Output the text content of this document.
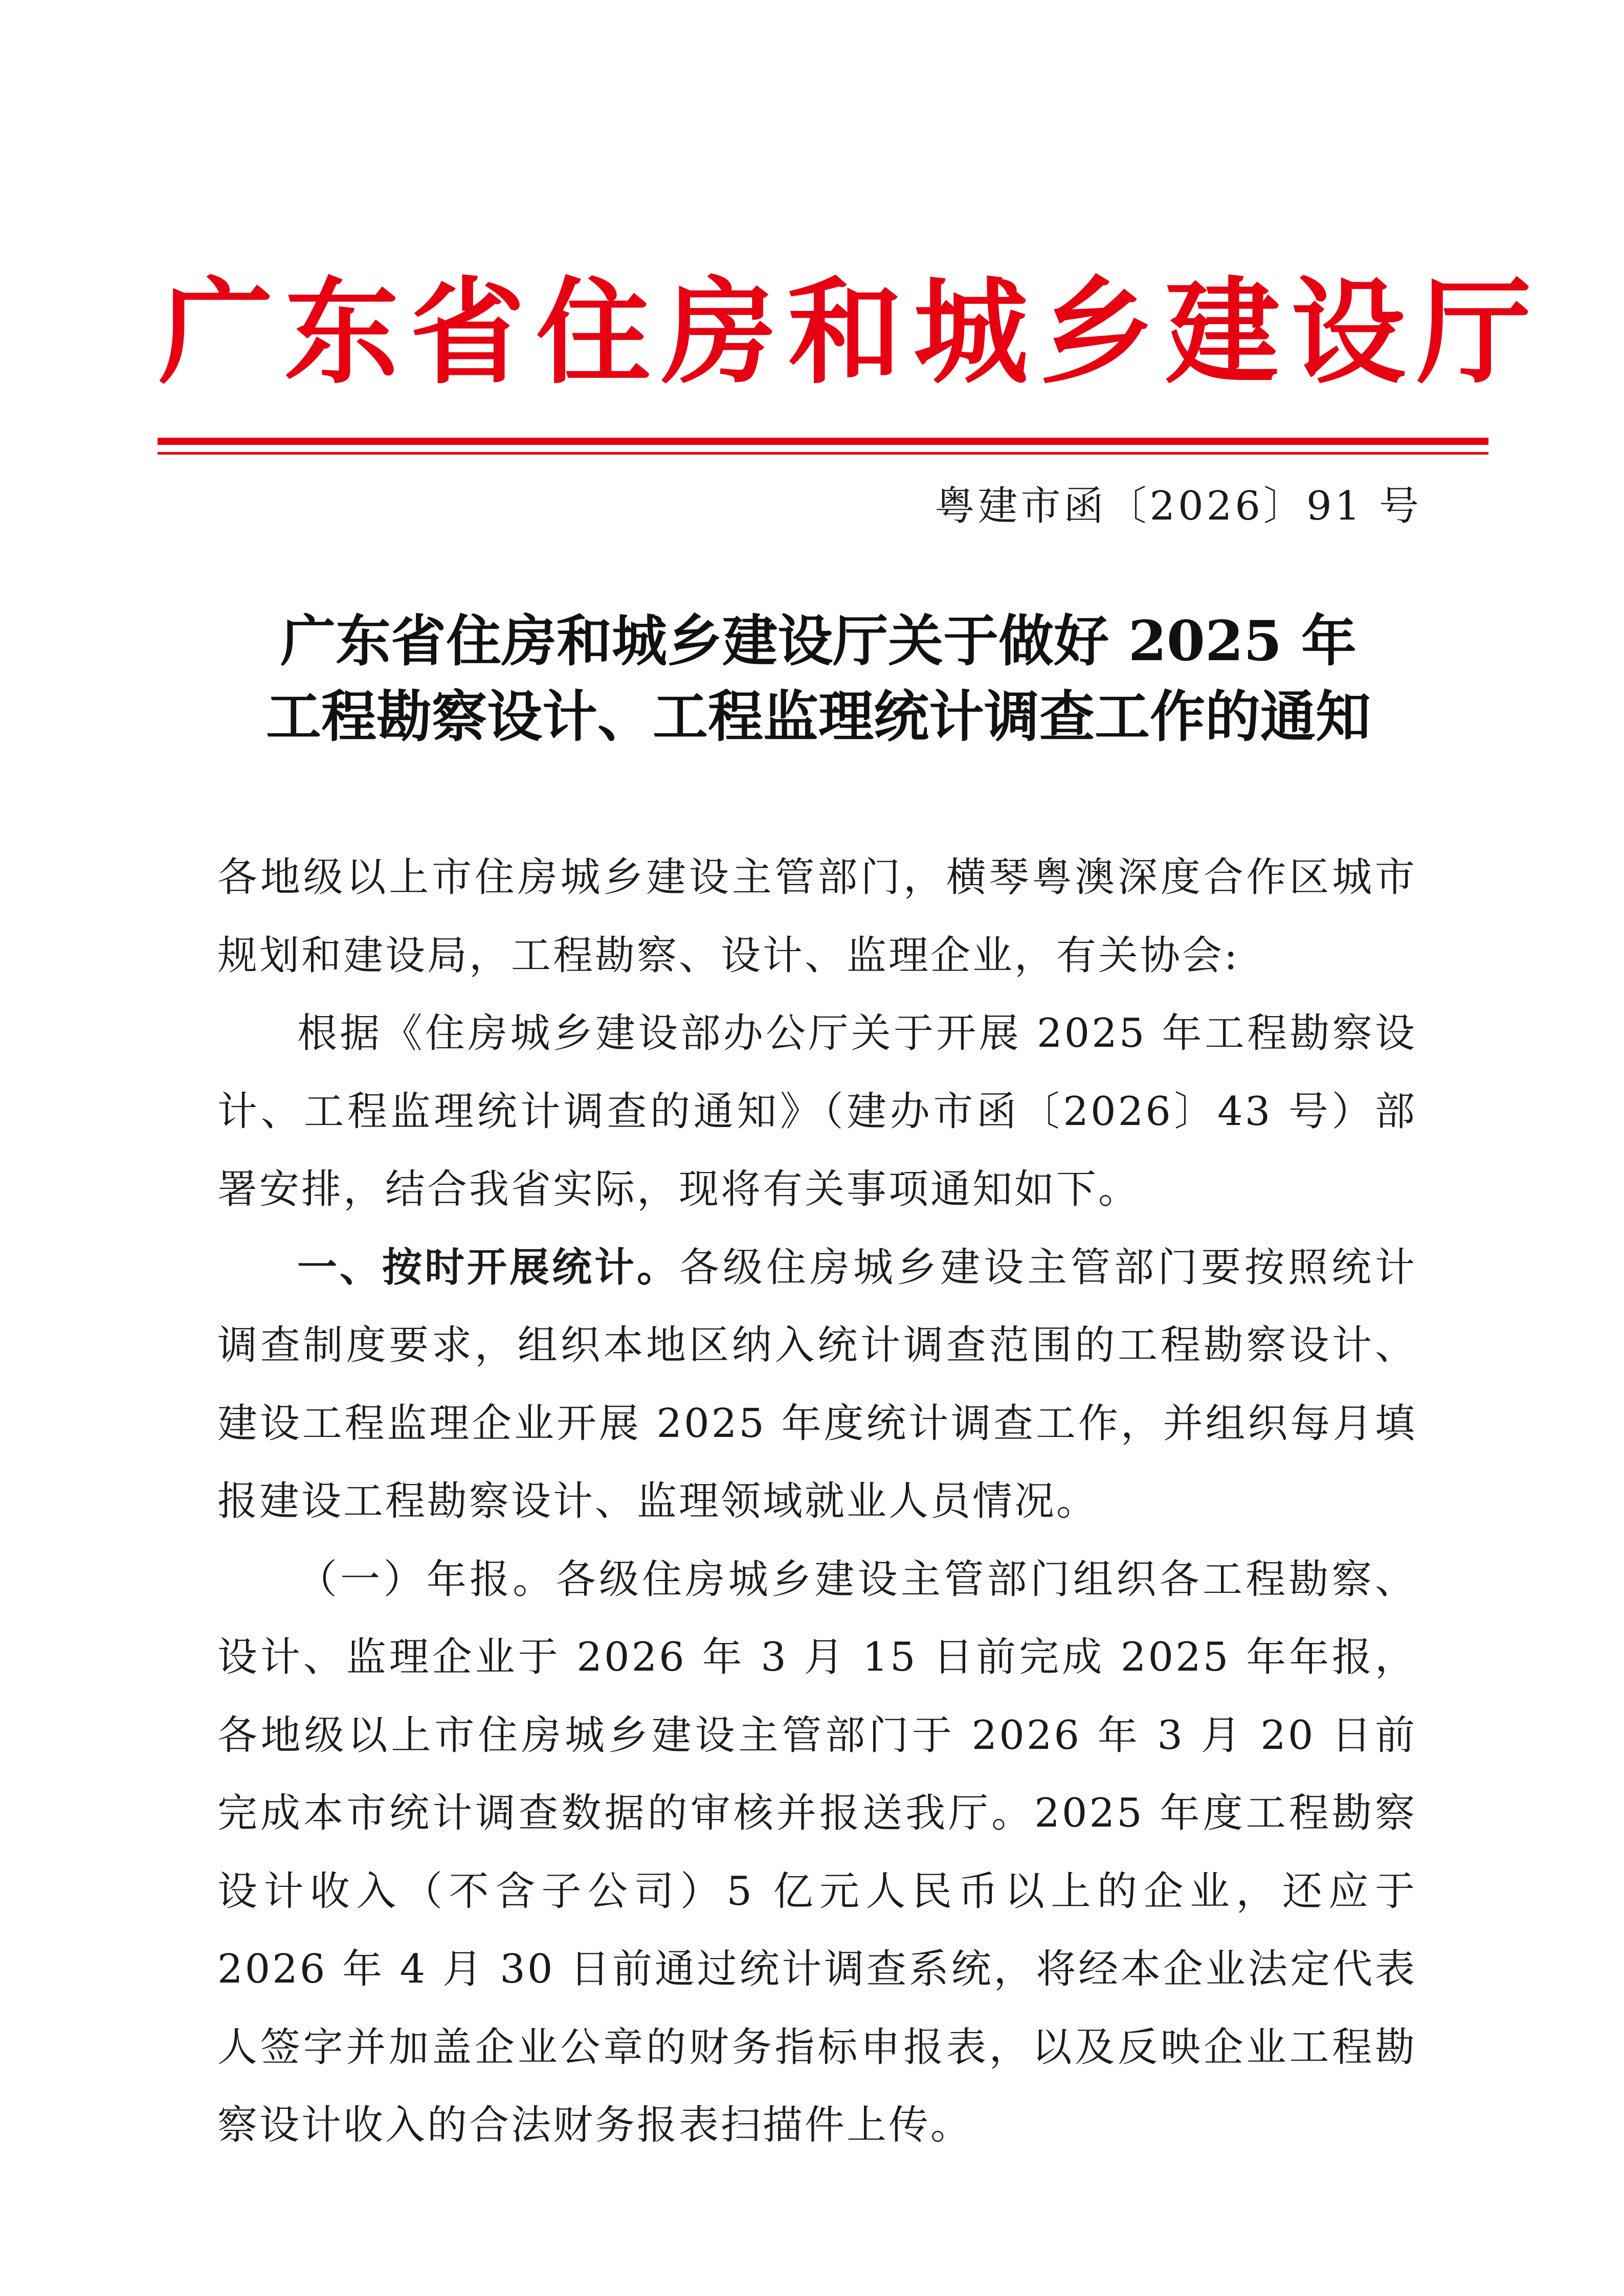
广东省住房和城乡建设厅
粤建市函〔2026〕91 号
广东省住房和城乡建设厅关于做好 2025 年
工程勘察设计、工程监理统计调查工作的通知

各地级以上市住房城乡建设主管部门，横琴粤澳深度合作区城市规划和建设局，工程勘察、设计、监理企业，有关协会:

根据《住房城乡建设部办公厅关于开展 2025 年工程勘察设计、工程监理统计调查的通知》（建办市函〔2026〕43 号）部署安排，结合我省实际，现将有关事项通知如下。

一、按时开展统计。各级住房城乡建设主管部门要按照统计调查制度要求，组织本地区纳入统计调查范围的工程勘察设计、建设工程监理企业开展 2025 年度统计调查工作，并组织每月填报建设工程勘察设计、监理领域就业人员情况。

（一）年报。各级住房城乡建设主管部门组织各工程勘察、设计、监理企业于 2026 年 3 月 15 日前完成 2025 年年报，各地级以上市住房城乡建设主管部门于 2026 年 3 月 20 日前完成本市统计调查数据的审核并报送我厅。2025 年度工程勘察设计收入（不含子公司）5 亿元人民币以上的企业，还应于 2026 年 4 月 30 日前通过统计调查系统，将经本企业法定代表人签字并加盖企业公章的财务指标申报表，以及反映企业工程勘察设计收入的合法财务报表扫描件上传。
